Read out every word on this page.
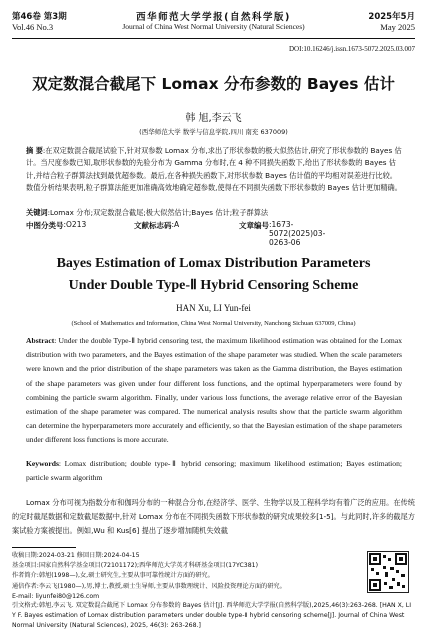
第46卷 第3期
Vol.46 No.3
西华师范大学学报(自然科学版)
Journal of China West Normal University (Natural Sciences)
2025年5月
May 2025
DOI:10.16246/j.issn.1673-5072.2025.03.007
双定数混合截尾下 Lomax 分布参数的 Bayes 估计
韩 旭,李云飞
(西华师范大学 数学与信息学院,四川 南充 637009)
摘 要:在双定数混合截尾试验下,针对双参数 Lomax 分布,求出了形状参数的极大似然估计,研究了形状参数的 Bayes 估计。当尺度参数已知,取形状参数的先验分布为 Gamma 分布时,在 4 种不同损失函数下,给出了形状参数的 Bayes 估计,并结合粒子群算法找到最优超参数。最后,在各种损失函数下,对形状参数 Bayes 估计值的平均相对误差进行比较。数值分析结果表明,粒子群算法能更加准确高效地确定超参数,使得在不同损失函数下形状参数的 Bayes 估计更加精确。
关键词:Lomax 分布;双定数混合截尾;极大似然估计;Bayes 估计;粒子群算法
中图分类号 :O213	文献标志码 :A	文章编号 :1673-5072(2025)03-0263-06
Bayes Estimation of Lomax Distribution Parameters
Under Double Type-Ⅱ Hybrid Censoring Scheme
HAN Xu, LI Yun-fei
(School of Mathematics and Information, China West Normal University, Nanchong Sichuan 637009, China)
Abstract: Under the double Type-Ⅱ hybrid censoring test, the maximum likelihood estimation was obtained for the Lomax distribution with two parameters, and the Bayes estimation of the shape parameter was studied. When the scale parameters were known and the prior distribution of the shape parameters was taken as the Gamma distribution, the Bayes estimation of the shape parameters was given under four different loss functions, and the optimal hyperparameters were found by combining the particle swarm algorithm. Finally, under various loss functions, the average relative error of the Bayesian estimation of the shape parameter was compared. The numerical analysis results show that the particle swarm algorithm can determine the hyperparameters more accurately and efficiently, so that the Bayesian estimation of the shape parameters under different loss functions is more accurate.
Keywords: Lomax distribution; double type-Ⅱ hybrid censoring; maximum likelihood estimation; Bayes estimation; particle swarm algorithm
Lomax 分布可视为指数分布和伽玛分布的一种混合分布,在经济学、医学、生物学以及工程科学均有着广泛的应用。在传统的定时截尾数据和定数截尾数据中,针对 Lomax 分布在不同损失函数下形状参数的研究成果较多[1-5]。与此同时,许多的截尾方案试验方案被提出。例如,Wu 和 Kus[6] 提出了逐步增加随机失效截
收稿日期:2024-03-21 修回日期:2024-04-15
基金项目:国家自然科学基金项目(72101172);西华师范大学英才科研基金项目(17YC381)
作者简介:韩旭(1998—),女,硕士研究生,主要从事可靠性统计方面的研究。
通信作者:李云飞(1980—),男,博士,教授,硕士生导师,主要从事数理统计、风险投资理论方面的研究。
E-mail: liyunfei80@126.com
引文格式:韩旭,李云飞. 双定数混合截尾下 Lomax 分布参数的 Bayes 估计[J]. 西华师范大学学报(自然科学版),2025,46(3):263-268. [HAN X, LI Y F. Bayes estimation of Lomax distribution parameters under double type-Ⅱ hybrid censoring scheme[J]. Journal of China West Normal University (Natural Sciences), 2025, 46(3): 263-268.]
